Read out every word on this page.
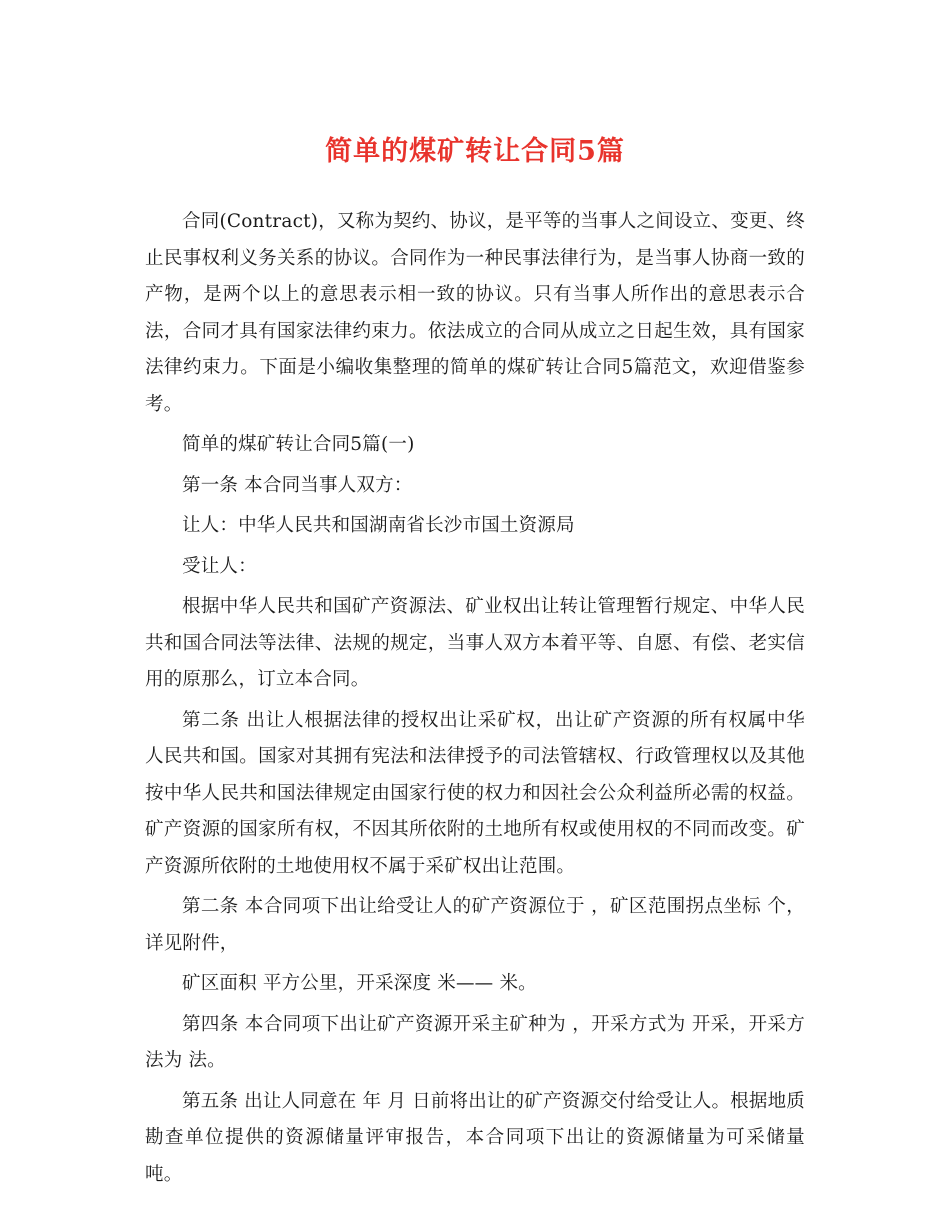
简单的煤矿转让合同5篇

合同(Contract)，又称为契约、协议，是平等的当事人之间设立、变更、终止民事权利义务关系的协议。合同作为一种民事法律行为，是当事人协商一致的产物，是两个以上的意思表示相一致的协议。只有当事人所作出的意思表示合法，合同才具有国家法律约束力。依法成立的合同从成立之日起生效，具有国家法律约束力。下面是小编收集整理的简单的煤矿转让合同5篇范文，欢迎借鉴参考。

简单的煤矿转让合同5篇(一)

第一条 本合同当事人双方：

让人：中华人民共和国湖南省长沙市国土资源局

受让人：

根据中华人民共和国矿产资源法、矿业权出让转让管理暂行规定、中华人民共和国合同法等法律、法规的规定，当事人双方本着平等、自愿、有偿、老实信用的原那么，订立本合同。

第二条 出让人根据法律的授权出让采矿权，出让矿产资源的所有权属中华人民共和国。国家对其拥有宪法和法律授予的司法管辖权、行政管理权以及其他按中华人民共和国法律规定由国家行使的权力和因社会公众利益所必需的权益。矿产资源的国家所有权，不因其所依附的土地所有权或使用权的不同而改变。矿产资源所依附的土地使用权不属于采矿权出让范围。

第二条 本合同项下出让给受让人的矿产资源位于 ，矿区范围拐点坐标 个，详见附件，

矿区面积 平方公里，开采深度 米—— 米。

第四条 本合同项下出让矿产资源开采主矿种为 ，开采方式为 开采，开采方法为 法。

第五条 出让人同意在 年 月 日前将出让的矿产资源交付给受让人。根据地质勘查单位提供的资源储量评审报告，本合同项下出让的资源储量为可采储量 吨。
